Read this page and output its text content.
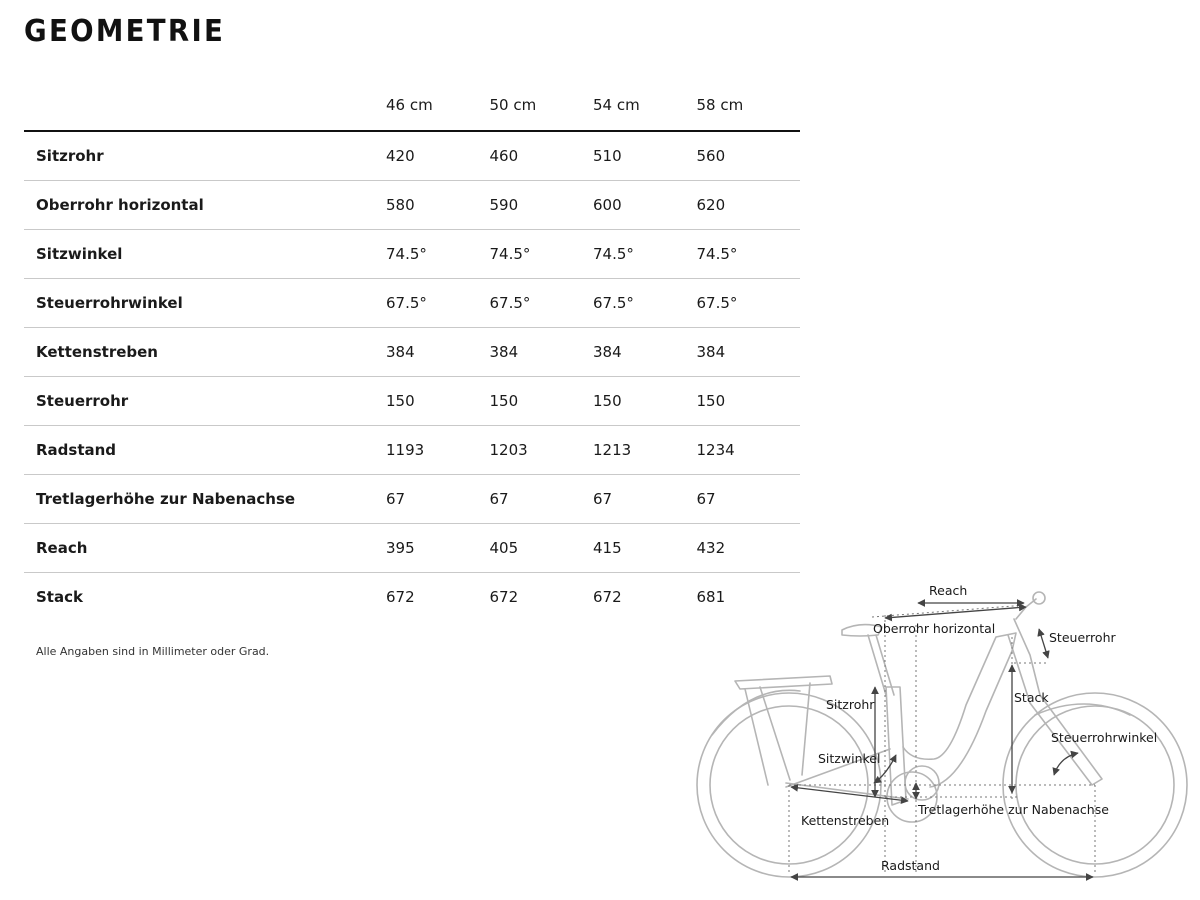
GEOMETRIE
	46 cm	50 cm	54 cm	58 cm
Sitzrohr	420	460	510	560
Oberrohr horizontal	580	590	600	620
Sitzwinkel	74.5°	74.5°	74.5°	74.5°
Steuerrohrwinkel	67.5°	67.5°	67.5°	67.5°
Kettenstreben	384	384	384	384
Steuerrohr	150	150	150	150
Radstand	1193	1203	1213	1234
Tretlagerhöhe zur Nabenachse	67	67	67	67
Reach	395	405	415	432
Stack	672	672	672	681
Alle Angaben sind in Millimeter oder Grad.
Reach
Oberrohr horizontal
Steuerrohr
Stack
Sitzrohr
Steuerrohrwinkel
Sitzwinkel
Tretlagerhöhe zur Nabenachse
Kettenstreben
Radstand
